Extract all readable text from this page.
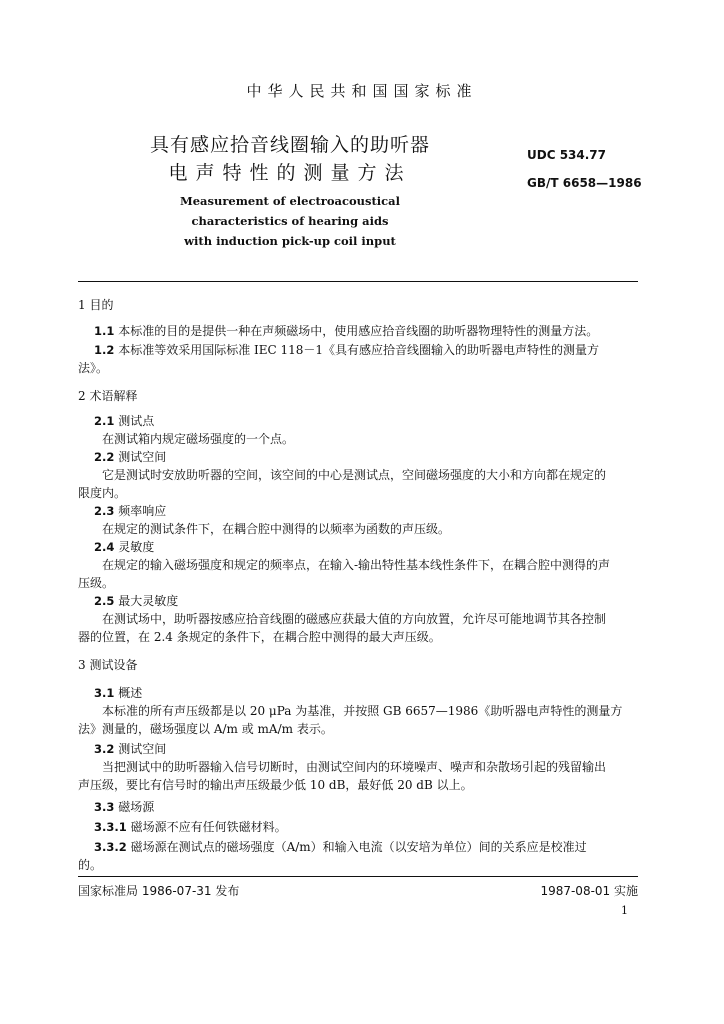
中华人民共和国国家标准
具有感应拾音线圈输入的助听器
电声特性的测量方法
Measurement of electroacoustical
characteristics of hearing aids
with induction pick-up coil input
UDC 534.77
GB/T 6658—1986
1 目的
1.1 本标准的目的是提供一种在声频磁场中，使用感应拾音线圈的助听器物理特性的测量方法。
1.2 本标准等效采用国际标准 IEC 118－1《具有感应拾音线圈输入的助听器电声特性的测量方
法》。
2 术语解释
2.1 测试点
在测试箱内规定磁场强度的一个点。
2.2 测试空间
它是测试时安放助听器的空间，该空间的中心是测试点，空间磁场强度的大小和方向都在规定的
限度内。
2.3 频率响应
在规定的测试条件下，在耦合腔中测得的以频率为函数的声压级。
2.4 灵敏度
在规定的输入磁场强度和规定的频率点，在输入-输出特性基本线性条件下，在耦合腔中测得的声
压级。
2.5 最大灵敏度
在测试场中，助听器按感应拾音线圈的磁感应获最大值的方向放置，允许尽可能地调节其各控制
器的位置，在 2.4 条规定的条件下，在耦合腔中测得的最大声压级。
3 测试设备
3.1 概述
本标准的所有声压级都是以 20 μPa 为基准，并按照 GB 6657—1986《助听器电声特性的测量方
法》测量的，磁场强度以 A/m 或 mA/m 表示。
3.2 测试空间
当把测试中的助听器输入信号切断时，由测试空间内的环境噪声、噪声和杂散场引起的残留输出
声压级，要比有信号时的输出声压级最少低 10 dB，最好低 20 dB 以上。
3.3 磁场源
3.3.1 磁场源不应有任何铁磁材料。
3.3.2 磁场源在测试点的磁场强度（A/m）和输入电流（以安培为单位）间的关系应是校准过
的。
国家标准局 1986-07-31 发布	1987-08-01 实施
1
